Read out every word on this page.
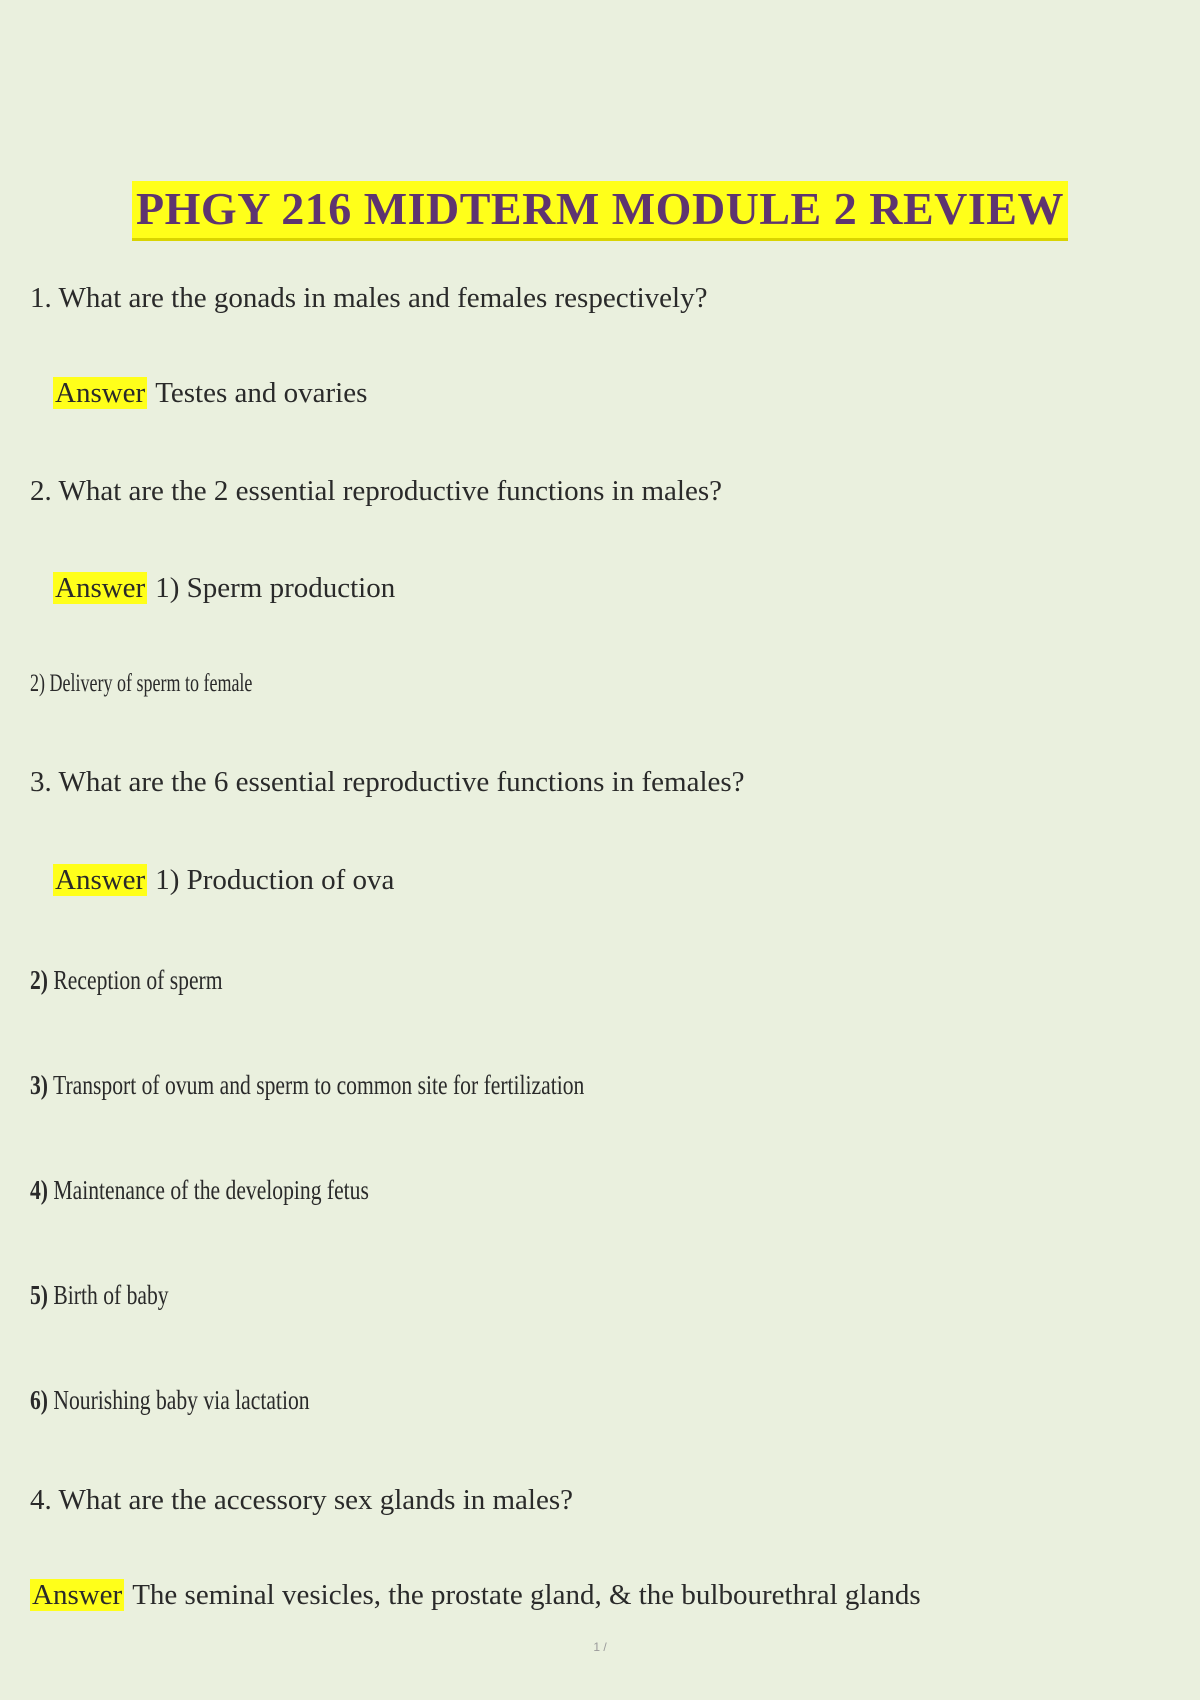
PHGY 216 MIDTERM MODULE 2 REVIEW

1. What are the gonads in males and females respectively?

Answer Testes and ovaries

2. What are the 2 essential reproductive functions in males?

Answer 1) Sperm production

2) Delivery of sperm to female

3. What are the 6 essential reproductive functions in females?

Answer 1) Production of ova

2) Reception of sperm

3) Transport of ovum and sperm to common site for fertilization

4) Maintenance of the developing fetus

5) Birth of baby

6) Nourishing baby via lactation

4. What are the accessory sex glands in males?

Answer The seminal vesicles, the prostate gland, & the bulbourethral glands

1 /
